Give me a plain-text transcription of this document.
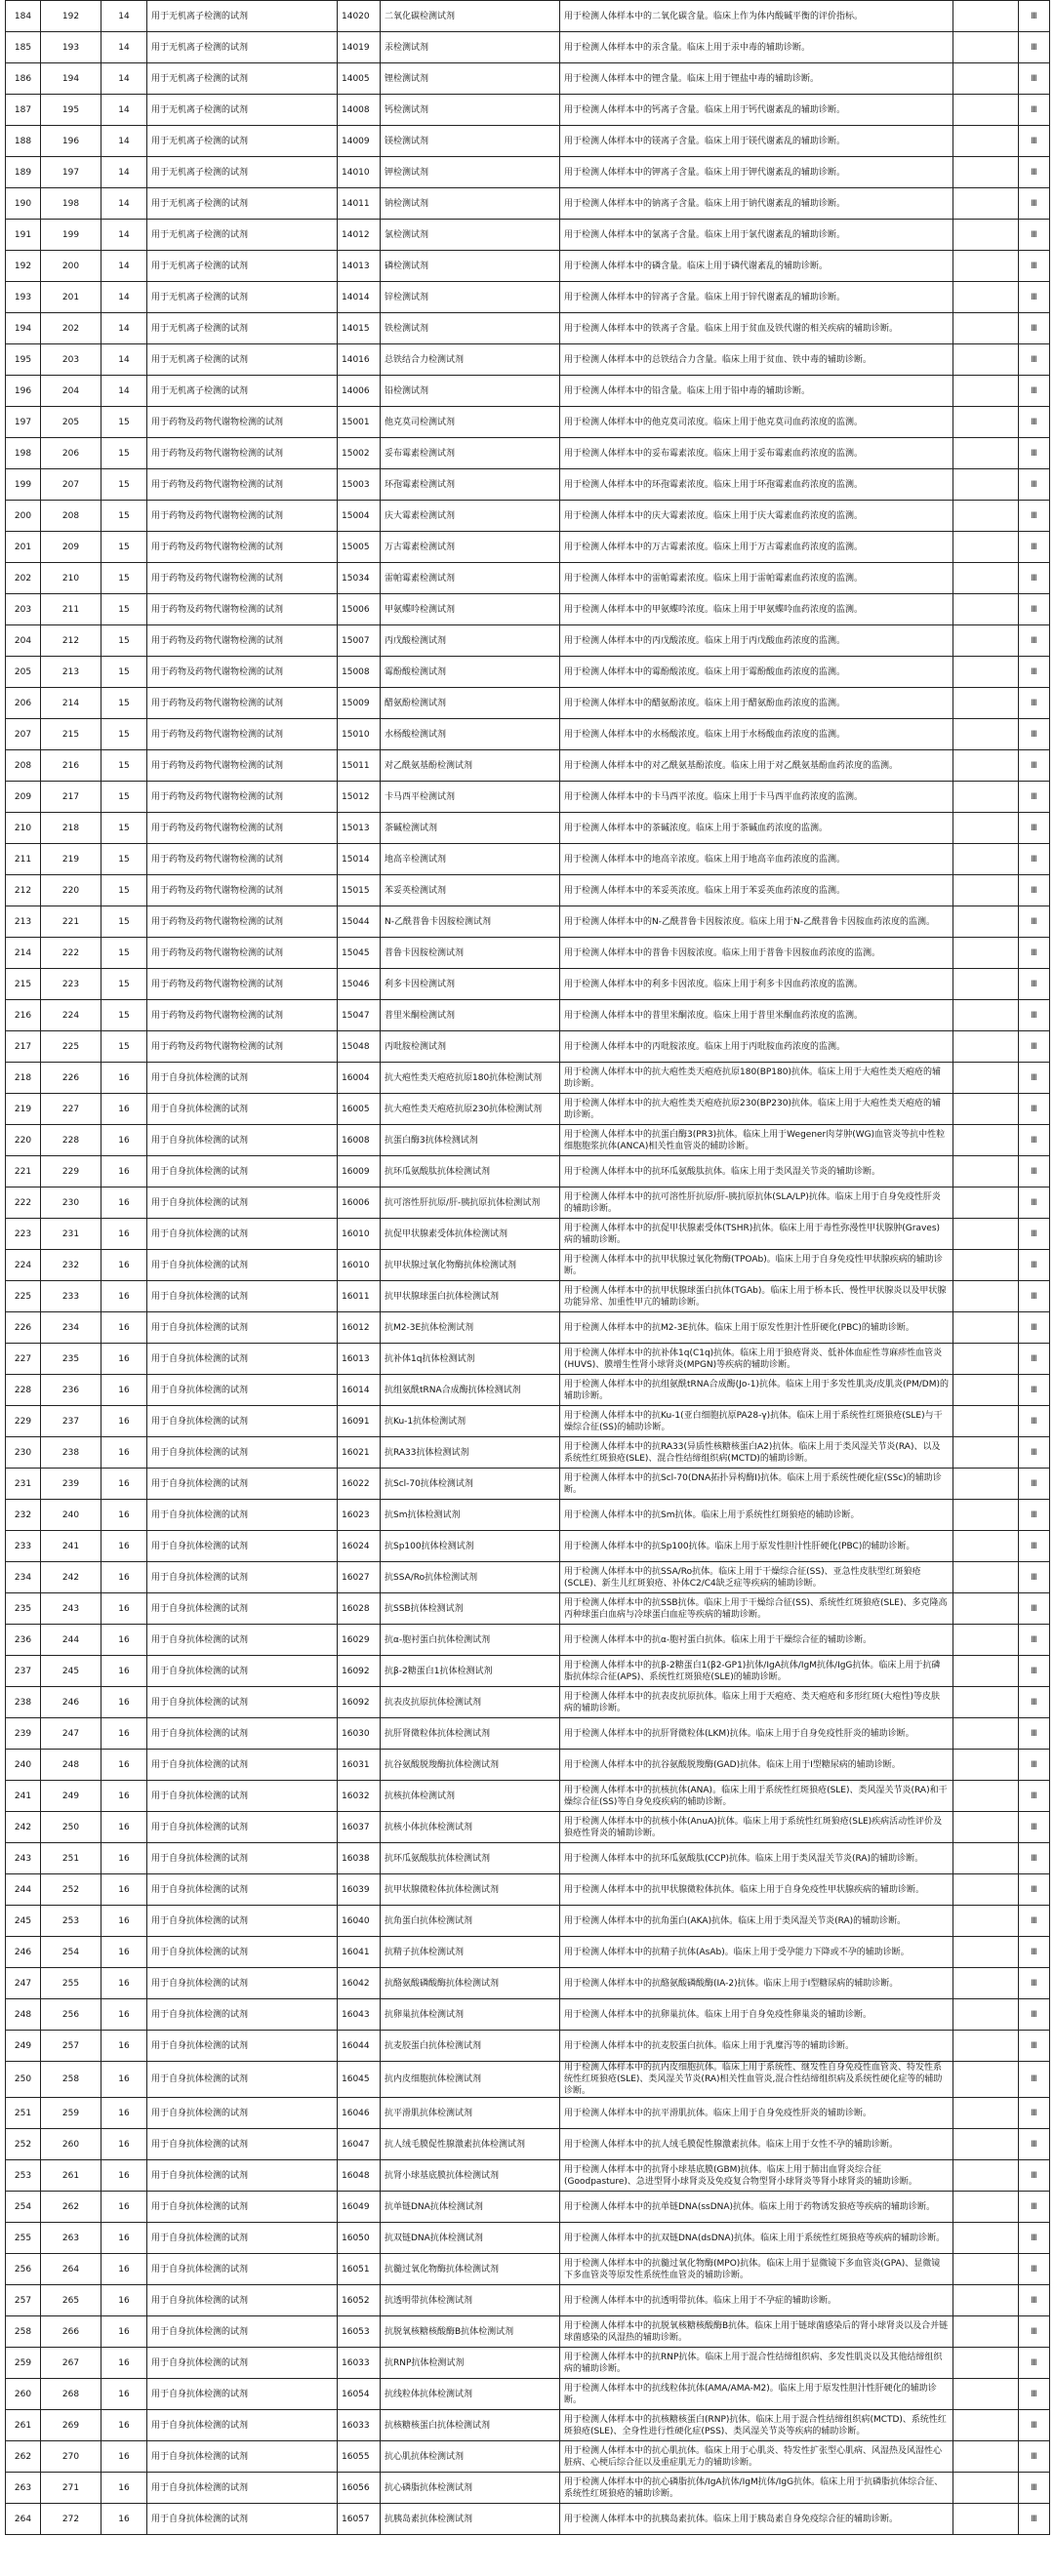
184	192	14	用于无机离子检测的试剂	14020	二氧化碳检测试剂	用于检测人体样本中的二氧化碳含量。临床上作为体内酸碱平衡的评价指标。		Ⅲ
185	193	14	用于无机离子检测的试剂	14019	汞检测试剂	用于检测人体样本中的汞含量。临床上用于汞中毒的辅助诊断。		Ⅲ
186	194	14	用于无机离子检测的试剂	14005	锂检测试剂	用于检测人体样本中的锂含量。临床上用于锂盐中毒的辅助诊断。		Ⅲ
187	195	14	用于无机离子检测的试剂	14008	钙检测试剂	用于检测人体样本中的钙离子含量。临床上用于钙代谢紊乱的辅助诊断。		Ⅲ
188	196	14	用于无机离子检测的试剂	14009	镁检测试剂	用于检测人体样本中的镁离子含量。临床上用于镁代谢紊乱的辅助诊断。		Ⅲ
189	197	14	用于无机离子检测的试剂	14010	钾检测试剂	用于检测人体样本中的钾离子含量。临床上用于钾代谢紊乱的辅助诊断。		Ⅲ
190	198	14	用于无机离子检测的试剂	14011	钠检测试剂	用于检测人体样本中的钠离子含量。临床上用于钠代谢紊乱的辅助诊断。		Ⅲ
191	199	14	用于无机离子检测的试剂	14012	氯检测试剂	用于检测人体样本中的氯离子含量。临床上用于氯代谢紊乱的辅助诊断。		Ⅲ
192	200	14	用于无机离子检测的试剂	14013	磷检测试剂	用于检测人体样本中的磷含量。临床上用于磷代谢紊乱的辅助诊断。		Ⅲ
193	201	14	用于无机离子检测的试剂	14014	锌检测试剂	用于检测人体样本中的锌离子含量。临床上用于锌代谢紊乱的辅助诊断。		Ⅲ
194	202	14	用于无机离子检测的试剂	14015	铁检测试剂	用于检测人体样本中的铁离子含量。临床上用于贫血及铁代谢的相关疾病的辅助诊断。		Ⅲ
195	203	14	用于无机离子检测的试剂	14016	总铁结合力检测试剂	用于检测人体样本中的总铁结合力含量。临床上用于贫血、铁中毒的辅助诊断。		Ⅲ
196	204	14	用于无机离子检测的试剂	14006	铅检测试剂	用于检测人体样本中的铅含量。临床上用于铅中毒的辅助诊断。		Ⅲ
197	205	15	用于药物及药物代谢物检测的试剂	15001	他克莫司检测试剂	用于检测人体样本中的他克莫司浓度。临床上用于他克莫司血药浓度的监测。		Ⅲ
198	206	15	用于药物及药物代谢物检测的试剂	15002	妥布霉素检测试剂	用于检测人体样本中的妥布霉素浓度。临床上用于妥布霉素血药浓度的监测。		Ⅲ
199	207	15	用于药物及药物代谢物检测的试剂	15003	环孢霉素检测试剂	用于检测人体样本中的环孢霉素浓度。临床上用于环孢霉素血药浓度的监测。		Ⅲ
200	208	15	用于药物及药物代谢物检测的试剂	15004	庆大霉素检测试剂	用于检测人体样本中的庆大霉素浓度。临床上用于庆大霉素血药浓度的监测。		Ⅲ
201	209	15	用于药物及药物代谢物检测的试剂	15005	万古霉素检测试剂	用于检测人体样本中的万古霉素浓度。临床上用于万古霉素血药浓度的监测。		Ⅲ
202	210	15	用于药物及药物代谢物检测的试剂	15034	雷帕霉素检测试剂	用于检测人体样本中的雷帕霉素浓度。临床上用于雷帕霉素血药浓度的监测。		Ⅲ
203	211	15	用于药物及药物代谢物检测的试剂	15006	甲氨蝶呤检测试剂	用于检测人体样本中的甲氨蝶呤浓度。临床上用于甲氨蝶呤血药浓度的监测。		Ⅲ
204	212	15	用于药物及药物代谢物检测的试剂	15007	丙戊酸检测试剂	用于检测人体样本中的丙戊酸浓度。临床上用于丙戊酸血药浓度的监测。		Ⅲ
205	213	15	用于药物及药物代谢物检测的试剂	15008	霉酚酸检测试剂	用于检测人体样本中的霉酚酸浓度。临床上用于霉酚酸血药浓度的监测。		Ⅲ
206	214	15	用于药物及药物代谢物检测的试剂	15009	醋氨酚检测试剂	用于检测人体样本中的醋氨酚浓度。临床上用于醋氨酚血药浓度的监测。		Ⅲ
207	215	15	用于药物及药物代谢物检测的试剂	15010	水杨酸检测试剂	用于检测人体样本中的水杨酸浓度。临床上用于水杨酸血药浓度的监测。		Ⅲ
208	216	15	用于药物及药物代谢物检测的试剂	15011	对乙酰氨基酚检测试剂	用于检测人体样本中的对乙酰氨基酚浓度。临床上用于对乙酰氨基酚血药浓度的监测。		Ⅲ
209	217	15	用于药物及药物代谢物检测的试剂	15012	卡马西平检测试剂	用于检测人体样本中的卡马西平浓度。临床上用于卡马西平血药浓度的监测。		Ⅲ
210	218	15	用于药物及药物代谢物检测的试剂	15013	茶碱检测试剂	用于检测人体样本中的茶碱浓度。临床上用于茶碱血药浓度的监测。		Ⅲ
211	219	15	用于药物及药物代谢物检测的试剂	15014	地高辛检测试剂	用于检测人体样本中的地高辛浓度。临床上用于地高辛血药浓度的监测。		Ⅲ
212	220	15	用于药物及药物代谢物检测的试剂	15015	苯妥英检测试剂	用于检测人体样本中的苯妥英浓度。临床上用于苯妥英血药浓度的监测。		Ⅲ
213	221	15	用于药物及药物代谢物检测的试剂	15044	N-乙酰普鲁卡因胺检测试剂	用于检测人体样本中的N-乙酰普鲁卡因胺浓度。临床上用于N-乙酰普鲁卡因胺血药浓度的监测。		Ⅲ
214	222	15	用于药物及药物代谢物检测的试剂	15045	普鲁卡因胺检测试剂	用于检测人体样本中的普鲁卡因胺浓度。临床上用于普鲁卡因胺血药浓度的监测。		Ⅲ
215	223	15	用于药物及药物代谢物检测的试剂	15046	利多卡因检测试剂	用于检测人体样本中的利多卡因浓度。临床上用于利多卡因血药浓度的监测。		Ⅲ
216	224	15	用于药物及药物代谢物检测的试剂	15047	普里米酮检测试剂	用于检测人体样本中的普里米酮浓度。临床上用于普里米酮血药浓度的监测。		Ⅲ
217	225	15	用于药物及药物代谢物检测的试剂	15048	丙吡胺检测试剂	用于检测人体样本中的丙吡胺浓度。临床上用于丙吡胺血药浓度的监测。		Ⅲ
218	226	16	用于自身抗体检测的试剂	16004	抗大疱性类天疱疮抗原180抗体检测试剂	用于检测人体样本中的抗大疱性类天疱疮抗原180(BP180)抗体。临床上用于大疱性类天疱疮的辅助诊断。		Ⅲ
219	227	16	用于自身抗体检测的试剂	16005	抗大疱性类天疱疮抗原230抗体检测试剂	用于检测人体样本中的抗大疱性类天疱疮抗原230(BP230)抗体。临床上用于大疱性类天疱疮的辅助诊断。		Ⅲ
220	228	16	用于自身抗体检测的试剂	16008	抗蛋白酶3抗体检测试剂	用于检测人体样本中的抗蛋白酶3(PR3)抗体。临床上用于Wegener肉芽肿(WG)血管炎等抗中性粒细胞胞浆抗体(ANCA)相关性血管炎的辅助诊断。		Ⅲ
221	229	16	用于自身抗体检测的试剂	16009	抗环瓜氨酸肽抗体检测试剂	用于检测人体样本中的抗环瓜氨酸肽抗体。临床上用于类风湿关节炎的辅助诊断。		Ⅲ
222	230	16	用于自身抗体检测的试剂	16006	抗可溶性肝抗原/肝-胰抗原抗体检测试剂	用于检测人体样本中的抗可溶性肝抗原/肝-胰抗原抗体(SLA/LP)抗体。临床上用于自身免疫性肝炎的辅助诊断。		Ⅲ
223	231	16	用于自身抗体检测的试剂	16010	抗促甲状腺素受体抗体检测试剂	用于检测人体样本中的抗促甲状腺素受体(TSHR)抗体。临床上用于毒性弥漫性甲状腺肿(Graves)病的辅助诊断。		Ⅲ
224	232	16	用于自身抗体检测的试剂	16010	抗甲状腺过氧化物酶抗体检测试剂	用于检测人体样本中的抗甲状腺过氧化物酶(TPOAb)。临床上用于自身免疫性甲状腺疾病的辅助诊断。		Ⅲ
225	233	16	用于自身抗体检测的试剂	16011	抗甲状腺球蛋白抗体检测试剂	用于检测人体样本中的抗甲状腺球蛋白抗体(TGAb)。临床上用于桥本氏、慢性甲状腺炎以及甲状腺功能异常、加重性甲亢的辅助诊断。		Ⅲ
226	234	16	用于自身抗体检测的试剂	16012	抗M2-3E抗体检测试剂	用于检测人体样本中的抗M2-3E抗体。临床上用于原发性胆汁性肝硬化(PBC)的辅助诊断。		Ⅲ
227	235	16	用于自身抗体检测的试剂	16013	抗补体1q抗体检测试剂	用于检测人体样本中的抗补体1q(C1q)抗体。临床上用于狼疮肾炎、低补体血症性荨麻疹性血管炎(HUVS)、膜增生性肾小球肾炎(MPGN)等疾病的辅助诊断。		Ⅲ
228	236	16	用于自身抗体检测的试剂	16014	抗组氨酰tRNA合成酶抗体检测试剂	用于检测人体样本中的抗组氨酰tRNA合成酶(Jo-1)抗体。临床上用于多发性肌炎/皮肌炎(PM/DM)的辅助诊断。		Ⅲ
229	237	16	用于自身抗体检测的试剂	16091	抗Ku-1抗体检测试剂	用于检测人体样本中的抗Ku-1(亚白细胞抗原PA28-γ)抗体。临床上用于系统性红斑狼疮(SLE)与干燥综合征(SS)的辅助诊断。		Ⅲ
230	238	16	用于自身抗体检测的试剂	16021	抗RA33抗体检测试剂	用于检测人体样本中的抗RA33(异质性核糖核蛋白A2)抗体。临床上用于类风湿关节炎(RA)、以及系统性红斑狼疮(SLE)、混合性结缔组织病(MCTD)的辅助诊断。		Ⅲ
231	239	16	用于自身抗体检测的试剂	16022	抗Scl-70抗体检测试剂	用于检测人体样本中的抗Scl-70(DNA拓扑异构酶Ⅰ)抗体。临床上用于系统性硬化症(SSc)的辅助诊断。		Ⅲ
232	240	16	用于自身抗体检测的试剂	16023	抗Sm抗体检测试剂	用于检测人体样本中的抗Sm抗体。临床上用于系统性红斑狼疮的辅助诊断。		Ⅲ
233	241	16	用于自身抗体检测的试剂	16024	抗Sp100抗体检测试剂	用于检测人体样本中的抗Sp100抗体。临床上用于原发性胆汁性肝硬化(PBC)的辅助诊断。		Ⅲ
234	242	16	用于自身抗体检测的试剂	16027	抗SSA/Ro抗体检测试剂	用于检测人体样本中的抗SSA/Ro抗体。临床上用于干燥综合征(SS)、亚急性皮肤型红斑狼疮(SCLE)、新生儿红斑狼疮、补体C2/C4缺乏症等疾病的辅助诊断。		Ⅲ
235	243	16	用于自身抗体检测的试剂	16028	抗SSB抗体检测试剂	用于检测人体样本中的抗SSB抗体。临床上用于干燥综合征(SS)、系统性红斑狼疮(SLE)、多克隆高丙种球蛋白血病与冷球蛋白血症等疾病的辅助诊断。		Ⅲ
236	244	16	用于自身抗体检测的试剂	16029	抗α-胞衬蛋白抗体检测试剂	用于检测人体样本中的抗α-胞衬蛋白抗体。临床上用于干燥综合征的辅助诊断。		Ⅲ
237	245	16	用于自身抗体检测的试剂	16092	抗β-2糖蛋白1抗体检测试剂	用于检测人体样本中的抗β-2糖蛋白1(β2-GP1)抗体/IgA抗体/IgM抗体/IgG抗体。临床上用于抗磷脂抗体综合征(APS)、系统性红斑狼疮(SLE)的辅助诊断。		Ⅲ
238	246	16	用于自身抗体检测的试剂	16092	抗表皮抗原抗体检测试剂	用于检测人体样本中的抗表皮抗原抗体。临床上用于天疱疮、类天疱疮和多形红斑(大疱性)等皮肤病的辅助诊断。		Ⅲ
239	247	16	用于自身抗体检测的试剂	16030	抗肝肾微粒体抗体检测试剂	用于检测人体样本中的抗肝肾微粒体(LKM)抗体。临床上用于自身免疫性肝炎的辅助诊断。		Ⅲ
240	248	16	用于自身抗体检测的试剂	16031	抗谷氨酸脱羧酶抗体检测试剂	用于检测人体样本中的抗谷氨酸脱羧酶(GAD)抗体。临床上用于Ⅰ型糖尿病的辅助诊断。		Ⅲ
241	249	16	用于自身抗体检测的试剂	16032	抗核抗体检测试剂	用于检测人体样本中的抗核抗体(ANA)。临床上用于系统性红斑狼疮(SLE)、类风湿关节炎(RA)和干燥综合征(SS)等自身免疫疾病的辅助诊断。		Ⅲ
242	250	16	用于自身抗体检测的试剂	16037	抗核小体抗体检测试剂	用于检测人体样本中的抗核小体(AnuA)抗体。临床上用于系统性红斑狼疮(SLE)疾病活动性评价及狼疮性肾炎的辅助诊断。		Ⅲ
243	251	16	用于自身抗体检测的试剂	16038	抗环瓜氨酸肽抗体检测试剂	用于检测人体样本中的抗环瓜氨酸肽(CCP)抗体。临床上用于类风湿关节炎(RA)的辅助诊断。		Ⅲ
244	252	16	用于自身抗体检测的试剂	16039	抗甲状腺微粒体抗体检测试剂	用于检测人体样本中的抗甲状腺微粒体抗体。临床上用于自身免疫性甲状腺疾病的辅助诊断。		Ⅲ
245	253	16	用于自身抗体检测的试剂	16040	抗角蛋白抗体检测试剂	用于检测人体样本中的抗角蛋白(AKA)抗体。临床上用于类风湿关节炎(RA)的辅助诊断。		Ⅲ
246	254	16	用于自身抗体检测的试剂	16041	抗精子抗体检测试剂	用于检测人体样本中的抗精子抗体(AsAb)。临床上用于受孕能力下降或不孕的辅助诊断。		Ⅲ
247	255	16	用于自身抗体检测的试剂	16042	抗酪氨酸磷酸酶抗体检测试剂	用于检测人体样本中的抗酪氨酸磷酸酶(IA-2)抗体。临床上用于Ⅰ型糖尿病的辅助诊断。		Ⅲ
248	256	16	用于自身抗体检测的试剂	16043	抗卵巢抗体检测试剂	用于检测人体样本中的抗卵巢抗体。临床上用于自身免疫性卵巢炎的辅助诊断。		Ⅲ
249	257	16	用于自身抗体检测的试剂	16044	抗麦胶蛋白抗体检测试剂	用于检测人体样本中的抗麦胶蛋白抗体。临床上用于乳糜泻等的辅助诊断。		Ⅲ
250	258	16	用于自身抗体检测的试剂	16045	抗内皮细胞抗体检测试剂	用于检测人体样本中的抗内皮细胞抗体。临床上用于系统性、继发性自身免疫性血管炎、特发性系统性红斑狼疮(SLE)、类风湿关节炎(RA)相关性血管炎,混合性结缔组织病及系统性硬化症等的辅助诊断。		Ⅲ
251	259	16	用于自身抗体检测的试剂	16046	抗平滑肌抗体检测试剂	用于检测人体样本中的抗平滑肌抗体。临床上用于自身免疫性肝炎的辅助诊断。		Ⅲ
252	260	16	用于自身抗体检测的试剂	16047	抗人绒毛膜促性腺激素抗体检测试剂	用于检测人体样本中的抗人绒毛膜促性腺激素抗体。临床上用于女性不孕的辅助诊断。		Ⅲ
253	261	16	用于自身抗体检测的试剂	16048	抗肾小球基底膜抗体检测试剂	用于检测人体样本中的抗肾小球基底膜(GBM)抗体。临床上用于肺出血肾炎综合征(Goodpasture)、急进型肾小球肾炎及免疫复合物型肾小球肾炎等肾小球肾炎的辅助诊断。		Ⅲ
254	262	16	用于自身抗体检测的试剂	16049	抗单链DNA抗体检测试剂	用于检测人体样本中的抗单链DNA(ssDNA)抗体。临床上用于药物诱发狼疮等疾病的辅助诊断。		Ⅲ
255	263	16	用于自身抗体检测的试剂	16050	抗双链DNA抗体检测试剂	用于检测人体样本中的抗双链DNA(dsDNA)抗体。临床上用于系统性红斑狼疮等疾病的辅助诊断。		Ⅲ
256	264	16	用于自身抗体检测的试剂	16051	抗髓过氧化物酶抗体检测试剂	用于检测人体样本中的抗髓过氧化物酶(MPO)抗体。临床上用于显微镜下多血管炎(GPA)、显微镜下多血管炎等原发性系统性血管炎的辅助诊断。		Ⅲ
257	265	16	用于自身抗体检测的试剂	16052	抗透明带抗体检测试剂	用于检测人体样本中的抗透明带抗体。临床上用于不孕症的辅助诊断。		Ⅲ
258	266	16	用于自身抗体检测的试剂	16053	抗脱氧核糖核酸酶B抗体检测试剂	用于检测人体样本中的抗脱氧核糖核酸酶B抗体。临床上用于链球菌感染后的肾小球肾炎以及合并链球菌感染的风湿热的辅助诊断。		Ⅲ
259	267	16	用于自身抗体检测的试剂	16033	抗RNP抗体检测试剂	用于检测人体样本中的抗RNP抗体。临床上用于混合性结缔组织病、多发性肌炎以及其他结缔组织病的辅助诊断。		Ⅲ
260	268	16	用于自身抗体检测的试剂	16054	抗线粒体抗体检测试剂	用于检测人体样本中的抗线粒体抗体(AMA/AMA-M2)。临床上用于原发性胆汁性肝硬化的辅助诊断。		Ⅲ
261	269	16	用于自身抗体检测的试剂	16033	抗核糖核蛋白抗体检测试剂	用于检测人体样本中的抗核糖核蛋白(RNP)抗体。临床上用于混合性结缔组织病(MCTD)、系统性红斑狼疮(SLE)、全身性进行性硬化症(PSS)、类风湿关节炎等疾病的辅助诊断。		Ⅲ
262	270	16	用于自身抗体检测的试剂	16055	抗心肌抗体检测试剂	用于检测人体样本中的抗心肌抗体。临床上用于心肌炎、特发性扩张型心肌病、风湿热及风湿性心脏病、心梗后综合征以及重症肌无力的辅助诊断。		Ⅲ
263	271	16	用于自身抗体检测的试剂	16056	抗心磷脂抗体检测试剂	用于检测人体样本中的抗心磷脂抗体/IgA抗体/IgM抗体/IgG抗体。临床上用于抗磷脂抗体综合征、系统性红斑狼疮的辅助诊断。		Ⅲ
264	272	16	用于自身抗体检测的试剂	16057	抗胰岛素抗体检测试剂	用于检测人体样本中的抗胰岛素抗体。临床上用于胰岛素自身免疫综合征的辅助诊断。		Ⅲ
